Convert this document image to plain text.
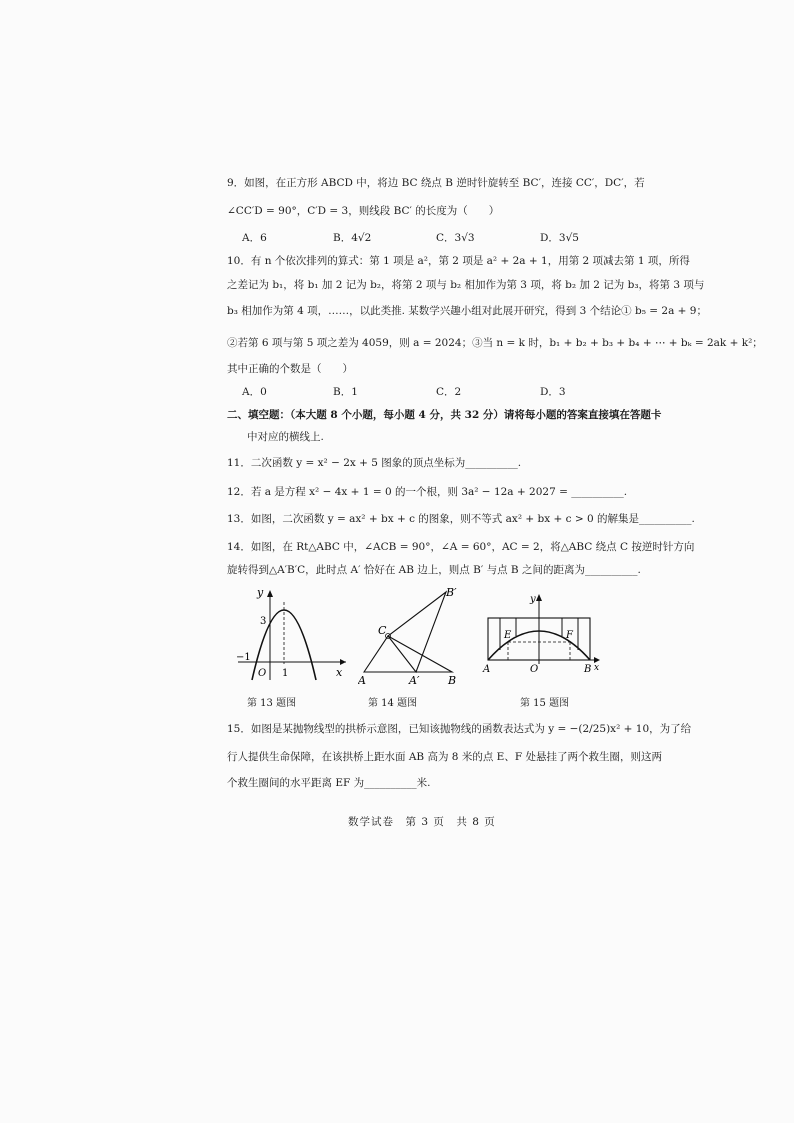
9．如图，在正方形 ABCD 中，将边 BC 绕点 B 逆时针旋转至 BC′，连接 CC′，DC′，若
∠CC′D = 90°，C′D = 3，则线段 BC′ 的长度为（　　）
A．6	B．4√2	C．3√3	D．3√5
10．有 n 个依次排列的算式：第 1 项是 a²，第 2 项是 a² + 2a + 1，用第 2 项减去第 1 项，所得
之差记为 b₁，将 b₁ 加 2 记为 b₂，将第 2 项与 b₂ 相加作为第 3 项，将 b₂ 加 2 记为 b₃，将第 3 项与
b₃ 相加作为第 4 项，……，以此类推. 某数学兴趣小组对此展开研究，得到 3 个结论① b₅ = 2a + 9；
②若第 6 项与第 5 项之差为 4059，则 a = 2024；③当 n = k 时，b₁ + b₂ + b₃ + b₄ + ⋯ + bₖ = 2ak + k²；
其中正确的个数是（　　）
A．0	B．1	C．2	D．3
二、填空题：（本大题 8 个小题，每小题 4 分，共 32 分）请将每小题的答案直接填在答题卡
中对应的横线上.
11．二次函数 y = x² − 2x + 5 图象的顶点坐标为__________.
12．若 a 是方程 x² − 4x + 1 = 0 的一个根，则 3a² − 12a + 2027 = __________.
13．如图，二次函数 y = ax² + bx + c 的图象，则不等式 ax² + bx + c > 0 的解集是__________.
14．如图，在 Rt△ABC 中，∠ACB = 90°，∠A = 60°，AC = 2，将△ABC 绕点 C 按逆时针方向
旋转得到△A′B′C，此时点 A′ 恰好在 AB 边上，则点 B′ 与点 B 之间的距离为__________.
y
x
3
−1
O 1
第 13 题图
B′
C
A	A′	B
第 14 题图
y
E	F
A	O	B x
第 15 题图
15．如图是某抛物线型的拱桥示意图，已知该抛物线的函数表达式为 y = −(2/25)x² + 10，为了给
行人提供生命保障，在该拱桥上距水面 AB 高为 8 米的点 E、F 处悬挂了两个救生圈，则这两
个救生圈间的水平距离 EF 为__________米.
数学试卷　第 3 页　共 8 页
